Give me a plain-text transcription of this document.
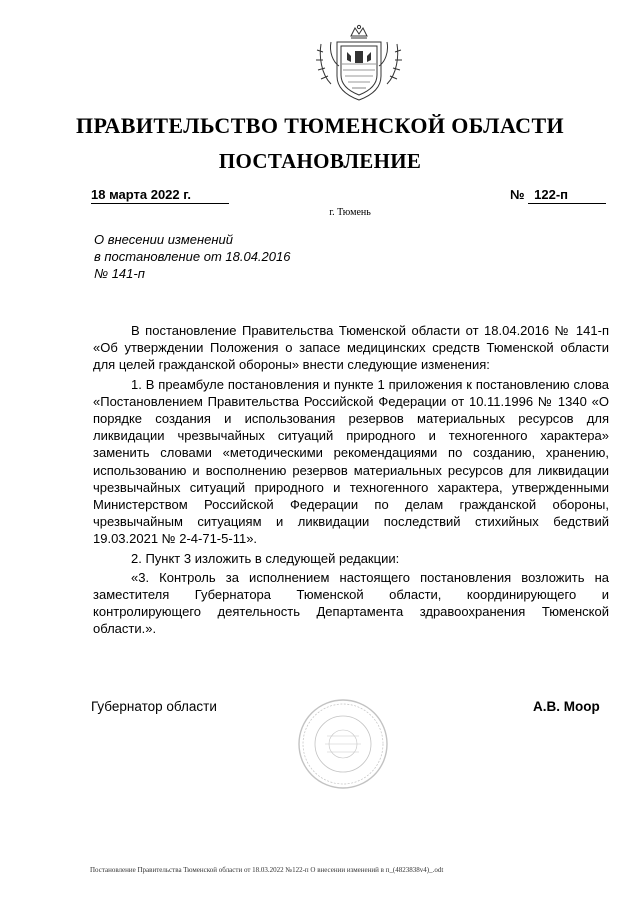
ПРАВИТЕЛЬСТВО ТЮМЕНСКОЙ ОБЛАСТИ
ПОСТАНОВЛЕНИЕ
18 марта 2022 г.	№ 122-п
г. Тюмень
О внесении изменений
в постановление от 18.04.2016
№ 141-п

В постановление Правительства Тюменской области от 18.04.2016 № 141-п «Об утверждении Положения о запасе медицинских средств Тюменской области для целей гражданской обороны» внести следующие изменения:

1. В преамбуле постановления и пункте 1 приложения к постановлению слова «Постановлением Правительства Российской Федерации от 10.11.1996 № 1340 «О порядке создания и использования резервов материальных ресурсов для ликвидации чрезвычайных ситуаций природного и техногенного характера» заменить словами «методическими рекомендациями по созданию, хранению, использованию и восполнению резервов материальных ресурсов для ликвидации чрезвычайных ситуаций природного и техногенного характера, утвержденными Министерством Российской Федерации по делам гражданской обороны, чрезвычайным ситуациям и ликвидации последствий стихийных бедствий 19.03.2021 № 2-4-71-5-11».

2. Пункт 3 изложить в следующей редакции:

«3. Контроль за исполнением настоящего постановления возложить на заместителя Губернатора Тюменской области, координирующего и контролирующего деятельность Департамента здравоохранения Тюменской области.».

Губернатор области	А.В. Моор
Постановление Правительства Тюменской области от 18.03.2022 №122-п О внесении изменений в п_(4823838v4)_.odt
